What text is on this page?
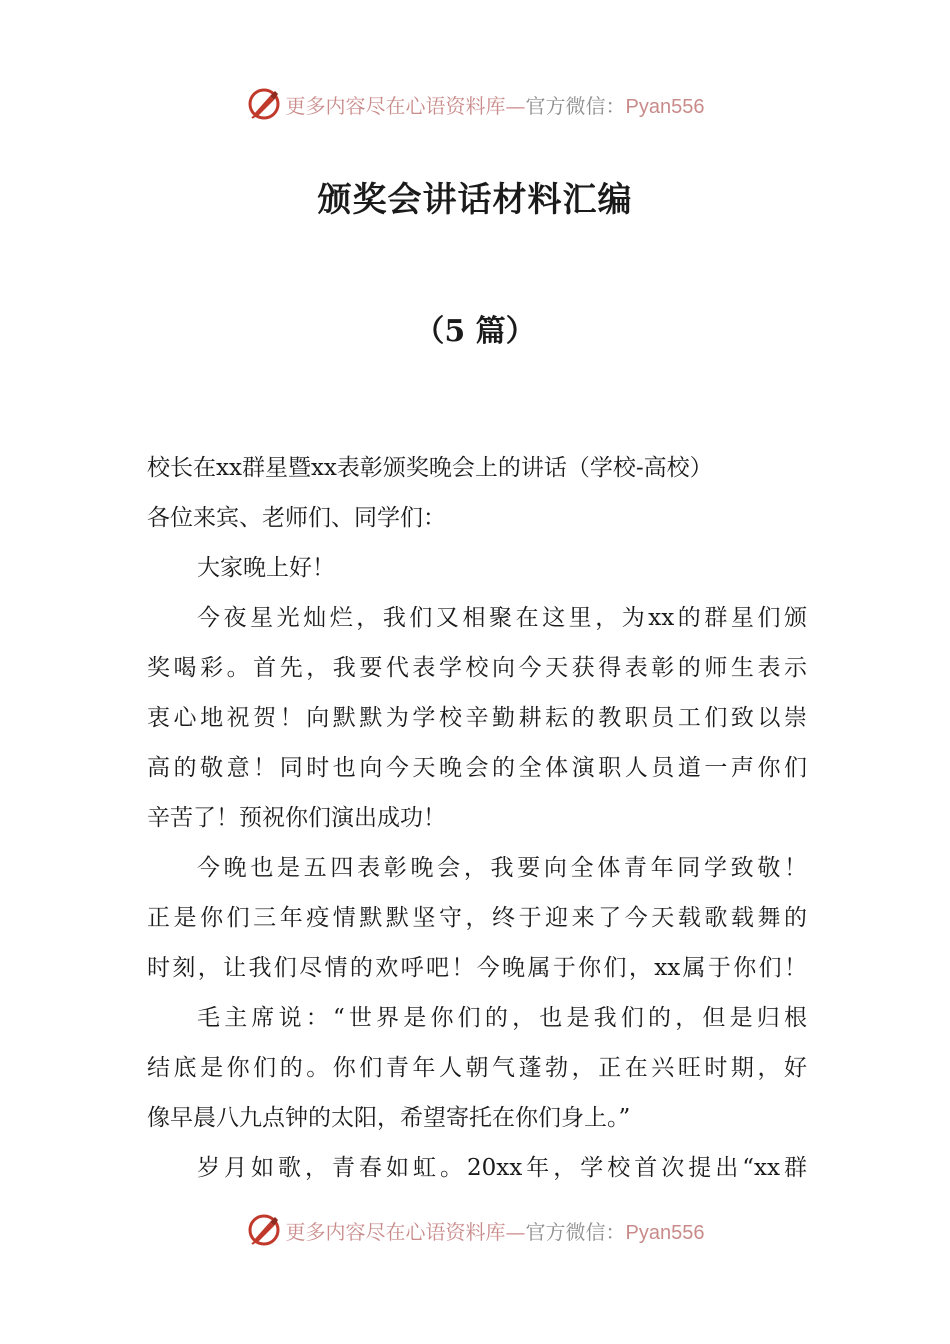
更多内容尽在心语资料库—官方微信：Pyan556
颁奖会讲话材料汇编
（5 篇）
校长在xx群星暨xx表彰颁奖晚会上的讲话（学校-高校）
各位来宾、老师们、同学们：
大家晚上好！
今夜星光灿烂，我们又相聚在这里，为xx的群星们颁
奖喝彩。首先，我要代表学校向今天获得表彰的师生表示
衷心地祝贺！向默默为学校辛勤耕耘的教职员工们致以崇
高的敬意！同时也向今天晚会的全体演职人员道一声你们
辛苦了！预祝你们演出成功！
今晚也是五四表彰晚会，我要向全体青年同学致敬！
正是你们三年疫情默默坚守，终于迎来了今天载歌载舞的
时刻，让我们尽情的欢呼吧！今晚属于你们，xx属于你们！
毛主席说：“世界是你们的，也是我们的，但是归根
结底是你们的。你们青年人朝气蓬勃，正在兴旺时期，好
像早晨八九点钟的太阳，希望寄托在你们身上。”
岁月如歌，青春如虹。20xx年，学校首次提出“xx群
更多内容尽在心语资料库—官方微信：Pyan556
